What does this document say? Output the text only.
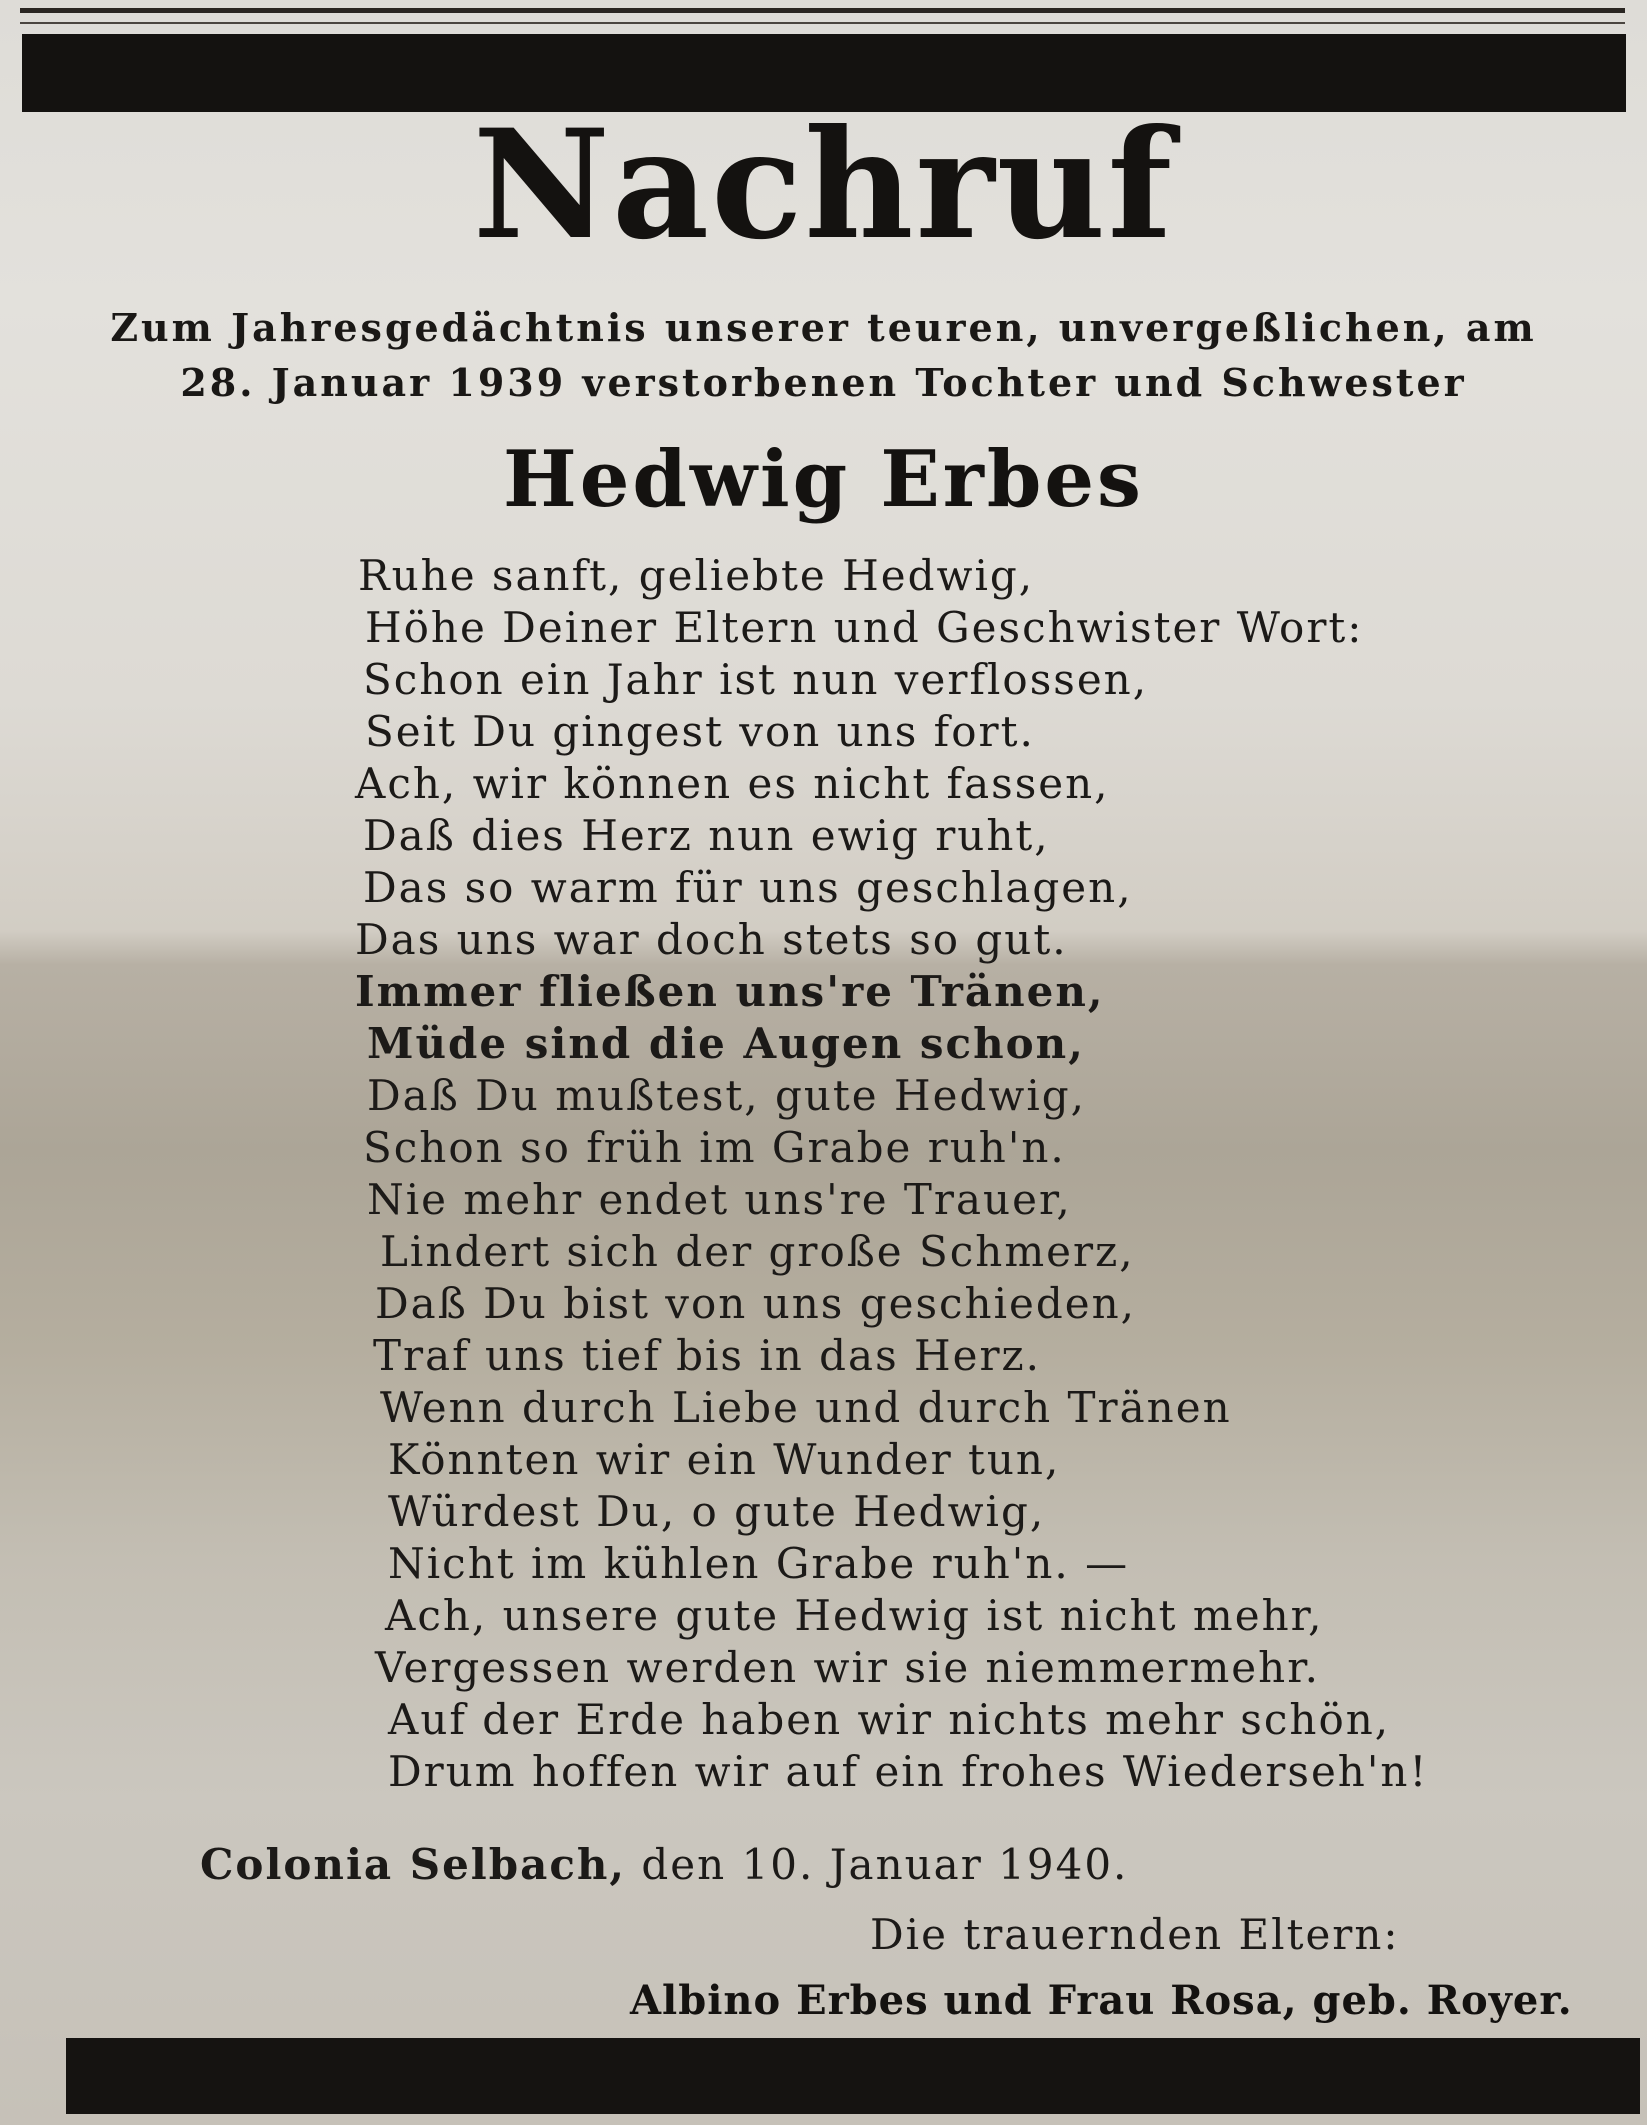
Nachruf
Zum Jahresgedächtnis unserer teuren, unvergeßlichen, am
28. Januar 1939 verstorbenen Tochter und Schwester
Hedwig Erbes
Ruhe sanft, geliebte Hedwig,
Höhe Deiner Eltern und Geschwister Wort:
Schon ein Jahr ist nun verflossen,
Seit Du gingest von uns fort.
Ach, wir können es nicht fassen,
Daß dies Herz nun ewig ruht,
Das so warm für uns geschlagen,
Das uns war doch stets so gut.
Immer fließen uns're Tränen,
Müde sind die Augen schon,
Daß Du mußtest, gute Hedwig,
Schon so früh im Grabe ruh'n.
Nie mehr endet uns're Trauer,
Lindert sich der große Schmerz,
Daß Du bist von uns geschieden,
Traf uns tief bis in das Herz.
Wenn durch Liebe und durch Tränen
Könnten wir ein Wunder tun,
Würdest Du, o gute Hedwig,
Nicht im kühlen Grabe ruh'n. —
Ach, unsere gute Hedwig ist nicht mehr,
Vergessen werden wir sie niemmermehr.
Auf der Erde haben wir nichts mehr schön,
Drum hoffen wir auf ein frohes Wiederseh'n!
Colonia Selbach, den 10. Januar 1940.
Die trauernden Eltern:
Albino Erbes und Frau Rosa, geb. Royer.
